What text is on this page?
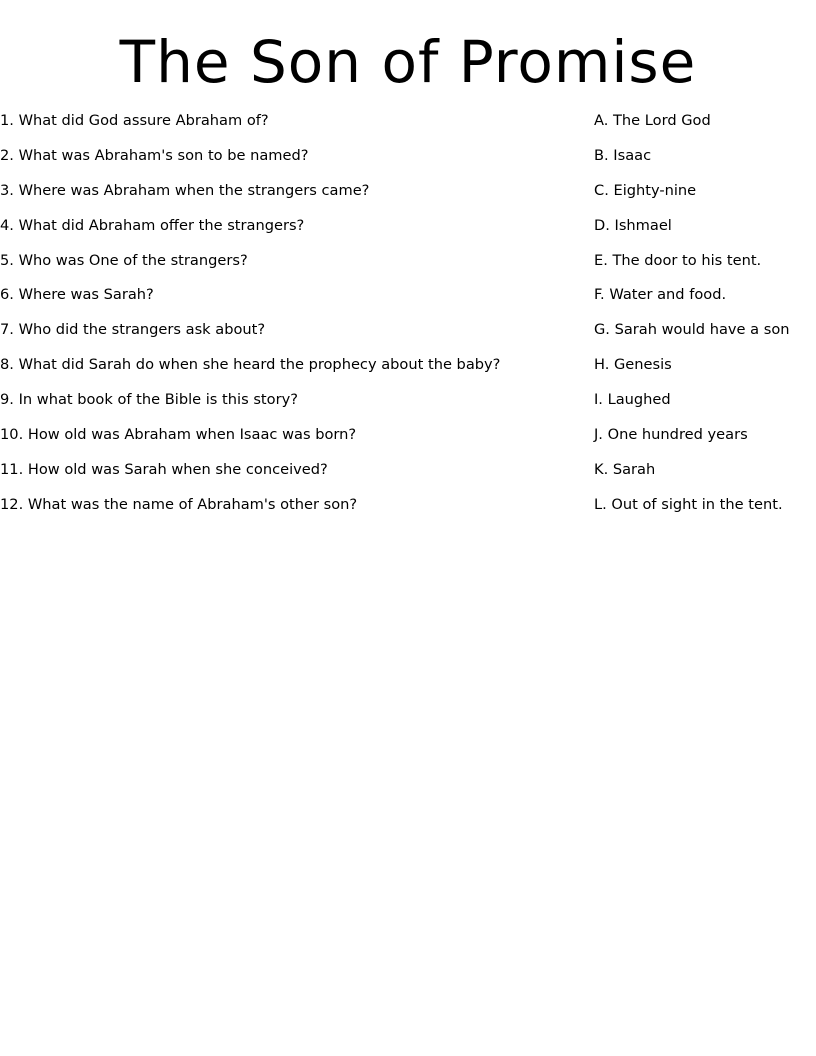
The Son of Promise
1. What did God assure Abraham of?
2. What was Abraham's son to be named?
3. Where was Abraham when the strangers came?
4. What did Abraham offer the strangers?
5. Who was One of the strangers?
6. Where was Sarah?
7. Who did the strangers ask about?
8. What did Sarah do when she heard the prophecy about the baby?
9. In what book of the Bible is this story?
10. How old was Abraham when Isaac was born?
11. How old was Sarah when she conceived?
12. What was the name of Abraham's other son?
A. The Lord God
B. Isaac
C. Eighty-nine
D. Ishmael
E. The door to his tent.
F. Water and food.
G. Sarah would have a son
H. Genesis
I. Laughed
J. One hundred years
K. Sarah
L. Out of sight in the tent.
